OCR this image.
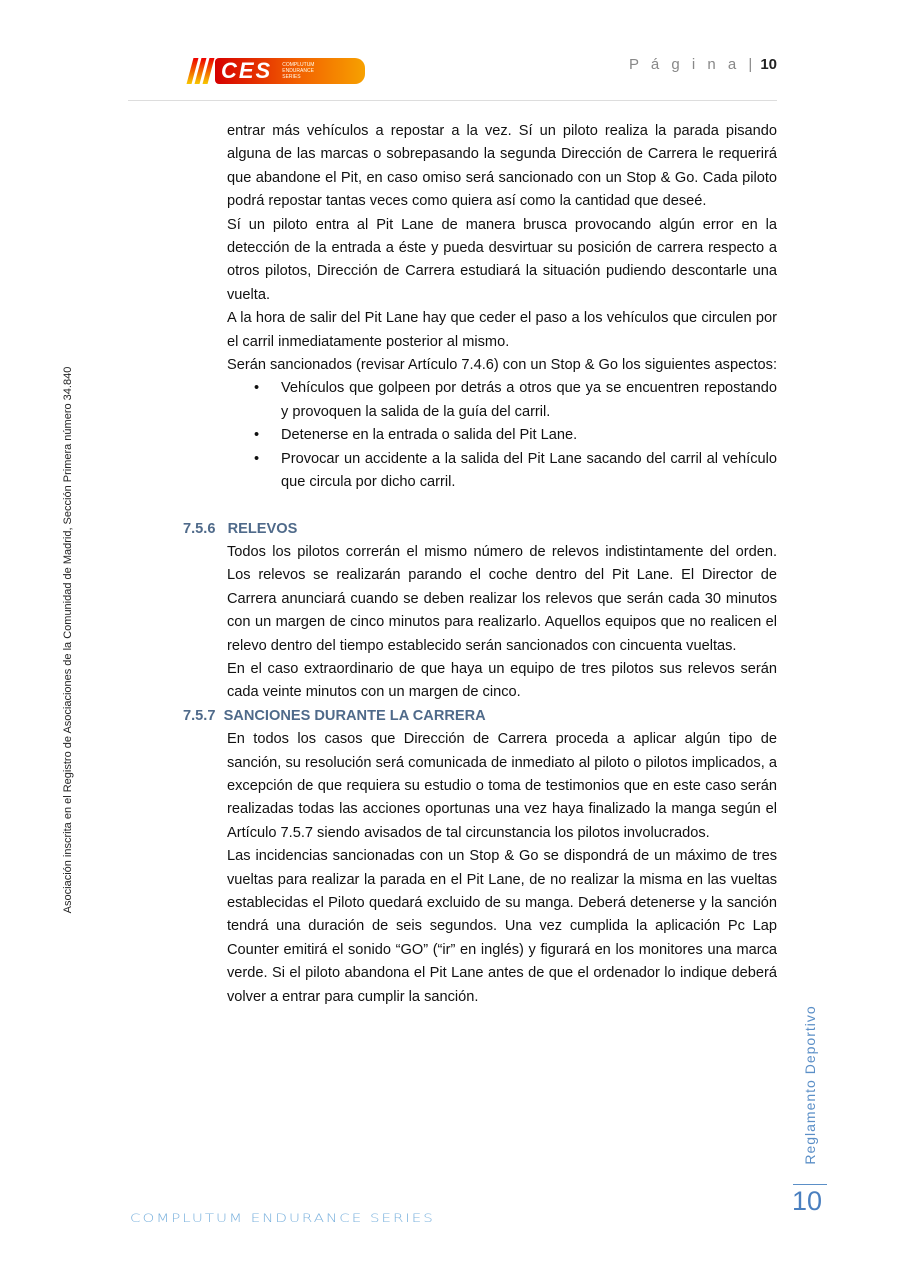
CES COMPLUTUM
ENDURANCE
SERIES
P á g i n a | 10
Asociación inscrita en el Registro de Asociaciones de la Comunidad de Madrid, Sección Primera número 34.840

entrar más vehículos a repostar a la vez. Sí un piloto realiza la parada pisando alguna de las marcas o sobrepasando la segunda Dirección de Carrera le requerirá que abandone el Pit, en caso omiso será sancionado con un Stop & Go. Cada piloto podrá repostar tantas veces como quiera así como la cantidad que deseé.

Sí un piloto entra al Pit Lane de manera brusca provocando algún error en la detección de la entrada a éste y pueda desvirtuar su posición de carrera respecto a otros pilotos, Dirección de Carrera estudiará la situación pudiendo descontarle una vuelta.

A la hora de salir del Pit Lane hay que ceder el paso a los vehículos que circulen por el carril inmediatamente posterior al mismo.

Serán sancionados (revisar Artículo 7.4.6) con un Stop & Go los siguientes aspectos:

• Vehículos que golpeen por detrás a otros que ya se encuentren repostando y provoquen la salida de la guía del carril.
• Detenerse en la entrada o salida del Pit Lane.
• Provocar un accidente a la salida del Pit Lane sacando del carril al vehículo que circula por dicho carril.
7.5.6   RELEVOS

Todos los pilotos correrán el mismo número de relevos indistintamente del orden. Los relevos se realizarán parando el coche dentro del Pit Lane. El Director de Carrera anunciará cuando se deben realizar los relevos que serán cada 30 minutos con un margen de cinco minutos para realizarlo. Aquellos equipos que no realicen el relevo dentro del tiempo establecido serán sancionados con cincuenta vueltas.

En el caso extraordinario de que haya un equipo de tres pilotos sus relevos serán cada veinte minutos con un margen de cinco.

7.5.7  SANCIONES DURANTE LA CARRERA

En todos los casos que Dirección de Carrera proceda a aplicar algún tipo de sanción, su resolución será comunicada de inmediato al piloto o pilotos implicados, a excepción de que requiera su estudio o toma de testimonios que en este caso serán realizadas todas las acciones oportunas una vez haya finalizado la manga según el Artículo 7.5.7 siendo avisados de tal circunstancia los pilotos involucrados.

Las incidencias sancionadas con un Stop & Go se dispondrá de un máximo de tres vueltas para realizar la parada en el Pit Lane, de no realizar la misma en las vueltas establecidas el Piloto quedará excluido de su manga. Deberá detenerse y la sanción tendrá una duración de seis segundos. Una vez cumplida la aplicación Pc Lap Counter emitirá el sonido “GO” (“ir” en inglés) y figurará en los monitores una marca verde. Si el piloto abandona el Pit Lane antes de que el ordenador lo indique deberá volver a entrar para cumplir la sanción.

Reglamento Deportivo
10
COMPLUTUM ENDURANCE SERIES
